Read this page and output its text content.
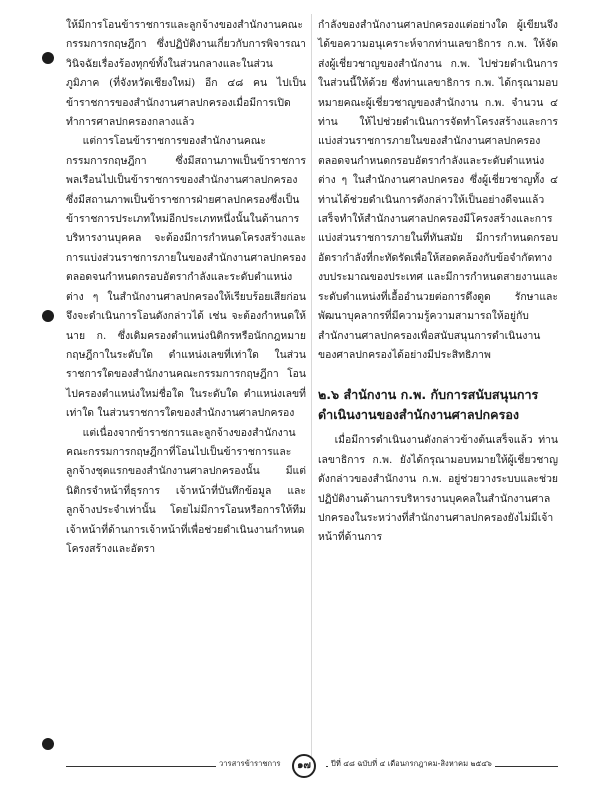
ให้มีการโอนข้าราชการและลูกจ้างของสำนักงานคณะกรรมการกฤษฎีกา ซึ่งปฏิบัติงานเกี่ยวกับการพิจารณาวินิจฉัยเรื่องร้องทุกข์ทั้งในส่วนกลางและในส่วนภูมิภาค (ที่จังหวัดเชียงใหม่) อีก ๔๘ คน ไปเป็นข้าราชการของสำนักงานศาลปกครองเมื่อมีการเปิดทำการศาลปกครองกลางแล้ว

แต่การโอนข้าราชการของสำนักงานคณะกรรมการกฤษฎีกา ซึ่งมีสถานภาพเป็นข้าราชการพลเรือนไปเป็นข้าราชการของสำนักงานศาลปกครองซึ่งมีสถานภาพเป็นข้าราชการฝ่ายศาลปกครองซึ่งเป็นข้าราชการประเภทใหม่อีกประเภทหนึ่งนั้นในด้านการบริหารงานบุคคล จะต้องมีการกำหนดโครงสร้างและการแบ่งส่วนราชการภายในของสำนักงานศาลปกครอง ตลอดจนกำหนดกรอบอัตรากำลังและระดับตำแหน่งต่าง ๆ ในสำนักงานศาลปกครองให้เรียบร้อยเสียก่อน จึงจะดำเนินการโอนดังกล่าวได้ เช่น จะต้องกำหนดให้นาย ก. ซึ่งเดิมครองตำแหน่งนิติกรหรือนักกฎหมายกฤษฎีกาในระดับใด ตำแหน่งเลขที่เท่าใด ในส่วนราชการใดของสำนักงานคณะกรรมการกฤษฎีกา โอนไปครองตำแหน่งใหม่ชื่อใด ในระดับใด ตำแหน่งเลขที่เท่าใด ในส่วนราชการใดของสำนักงานศาลปกครอง

แต่เนื่องจากข้าราชการและลูกจ้างของสำนักงานคณะกรรมการกฤษฎีกาที่โอนไปเป็นข้าราชการและลูกจ้างชุดแรกของสำนักงานศาลปกครองนั้น มีแต่นิติกรจำหน้าที่ธุรการ เจ้าหน้าที่บันทึกข้อมูล และลูกจ้างประจำเท่านั้น โดยไม่มีการโอนหรือการให้ทีมเจ้าหน้าที่ด้านการเจ้าหน้าที่เพื่อช่วยดำเนินงานกำหนดโครงสร้างและอัตรา

กำลังของสำนักงานศาลปกครองแต่อย่างใด ผู้เขียนจึงได้ขอความอนุเคราะห์จากท่านเลขาธิการ ก.พ. ให้จัดส่งผู้เชี่ยวชาญของสำนักงาน ก.พ. ไปช่วยดำเนินการในส่วนนี้ให้ด้วย ซึ่งท่านเลขาธิการ ก.พ. ได้กรุณามอบหมายคณะผู้เชี่ยวชาญของสำนักงาน ก.พ. จำนวน ๔ ท่าน ให้ไปช่วยดำเนินการจัดทำโครงสร้างและการแบ่งส่วนราชการภายในของสำนักงานศาลปกครอง ตลอดจนกำหนดกรอบอัตรากำลังและระดับตำแหน่งต่าง ๆ ในสำนักงานศาลปกครอง ซึ่งผู้เชี่ยวชาญทั้ง ๔ ท่านได้ช่วยดำเนินการดังกล่าวให้เป็นอย่างดีจนแล้วเสร็จทำให้สำนักงานศาลปกครองมีโครงสร้างและการแบ่งส่วนราชการภายในที่ทันสมัย มีการกำหนดกรอบอัตรากำลังที่กะทัดรัดเพื่อให้สอดคล้องกับข้อจำกัดทางงบประมาณของประเทศ และมีการกำหนดสายงานและระดับตำแหน่งที่เอื้ออำนวยต่อการดึงดูด รักษาและพัฒนาบุคลากรที่มีความรู้ความสามารถให้อยู่กับสำนักงานศาลปกครองเพื่อสนับสนุนการดำเนินงานของศาลปกครองได้อย่างมีประสิทธิภาพ

๒.๖ สำนักงาน ก.พ. กับการสนับสนุนการดำเนินงานของสำนักงานศาลปกครอง

เมื่อมีการดำเนินงานดังกล่าวข้างต้นเสร็จแล้ว ท่านเลขาธิการ ก.พ. ยังได้กรุณามอบหมายให้ผู้เชี่ยวชาญดังกล่าวของสำนักงาน ก.พ. อยู่ช่วยวางระบบและช่วยปฏิบัติงานด้านการบริหารงานบุคคลในสำนักงานศาลปกครองในระหว่างที่สำนักงานศาลปกครองยังไม่มีเจ้าหน้าที่ด้านการ

วารสารข้าราชการ	๑๗	ปีที่ ๔๘ ฉบับที่ ๔ เดือนกรกฎาคม-สิงหาคม ๒๕๔๖
